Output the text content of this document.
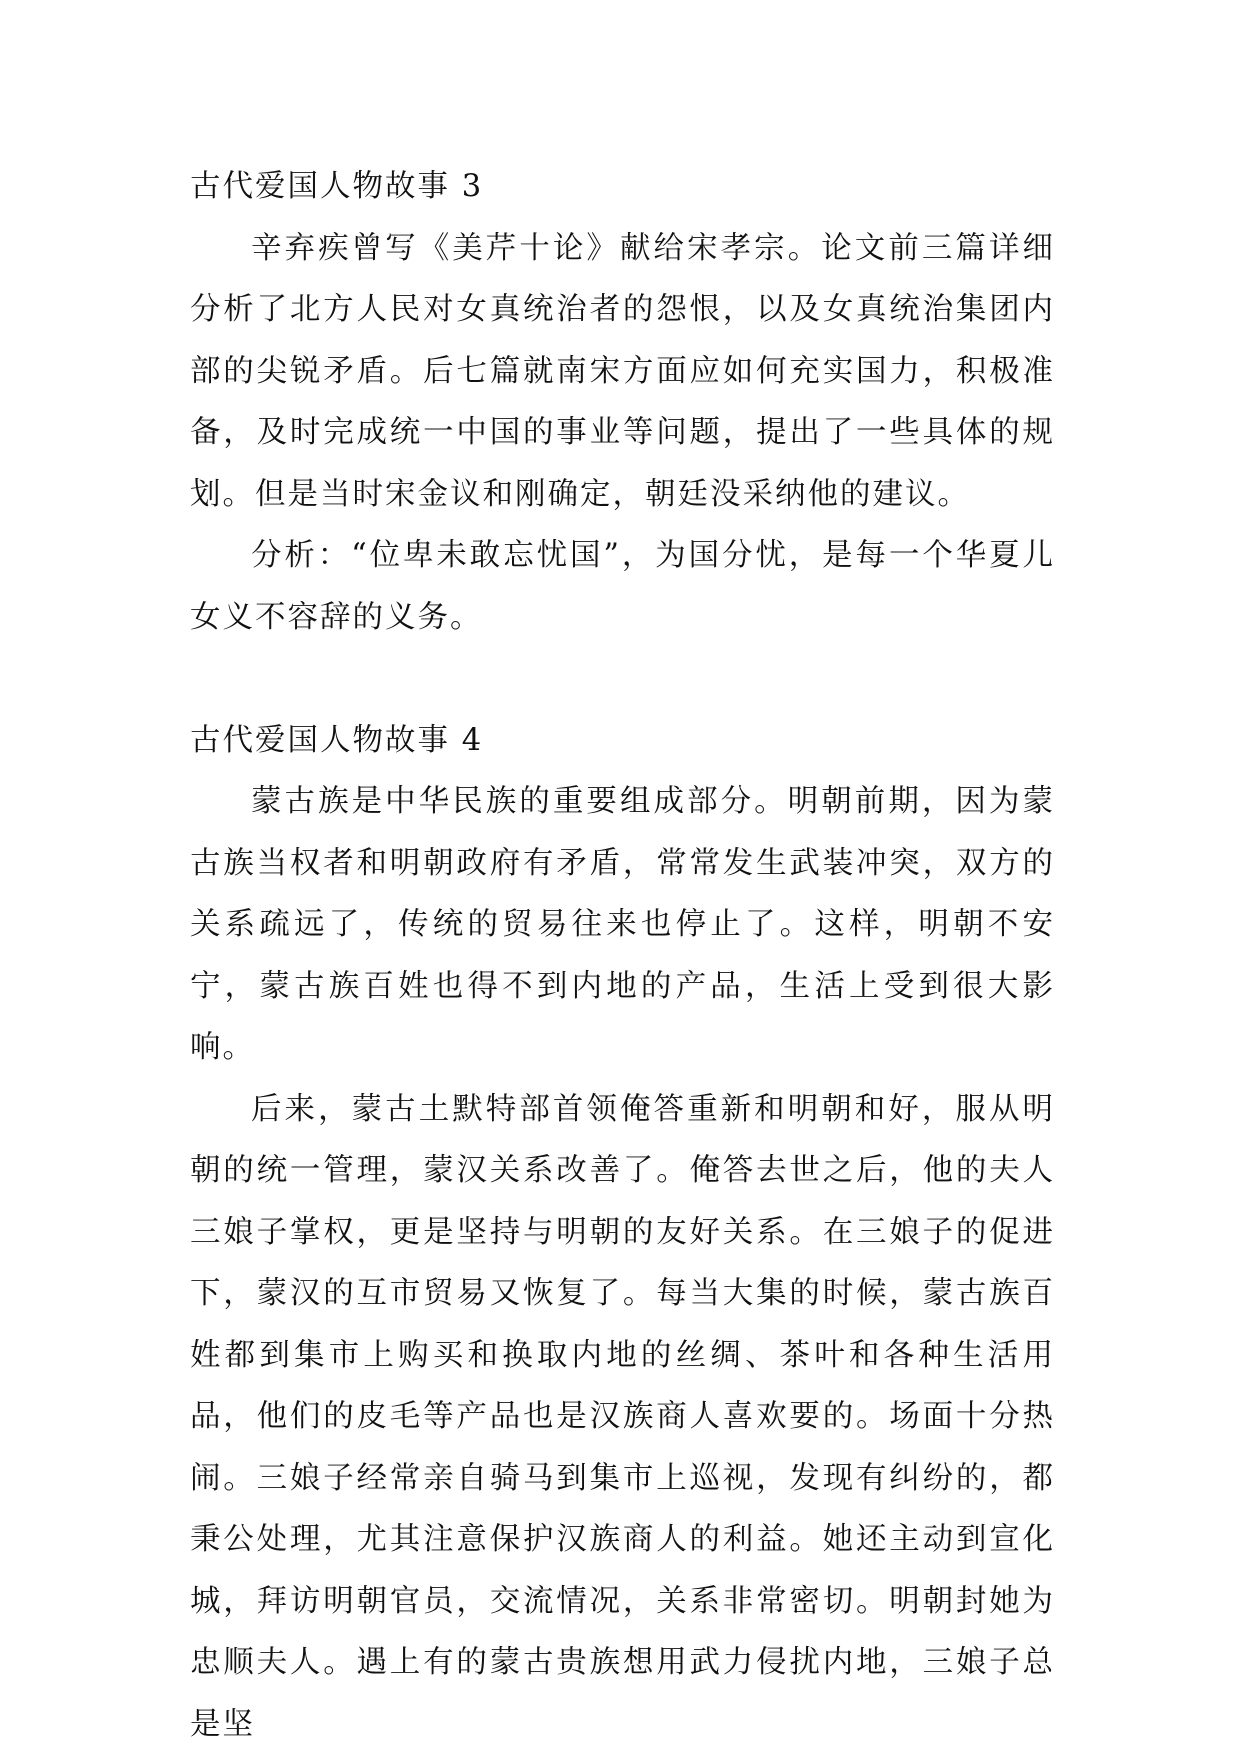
古代爱国人物故事 3

辛弃疾曾写《美芹十论》献给宋孝宗。论文前三篇详细分析了北方人民对女真统治者的怨恨，以及女真统治集团内部的尖锐矛盾。后七篇就南宋方面应如何充实国力，积极准备，及时完成统一中国的事业等问题，提出了一些具体的规划。但是当时宋金议和刚确定，朝廷没采纳他的建议。

分析：“位卑未敢忘忧国”，为国分忧，是每一个华夏儿女义不容辞的义务。

古代爱国人物故事 4

蒙古族是中华民族的重要组成部分。明朝前期，因为蒙古族当权者和明朝政府有矛盾，常常发生武装冲突，双方的关系疏远了，传统的贸易往来也停止了。这样，明朝不安宁，蒙古族百姓也得不到内地的产品，生活上受到很大影响。

后来，蒙古土默特部首领俺答重新和明朝和好，服从明朝的统一管理，蒙汉关系改善了。俺答去世之后，他的夫人三娘子掌权，更是坚持与明朝的友好关系。在三娘子的促进下，蒙汉的互市贸易又恢复了。每当大集的时候，蒙古族百姓都到集市上购买和换取内地的丝绸、茶叶和各种生活用品，他们的皮毛等产品也是汉族商人喜欢要的。场面十分热闹。三娘子经常亲自骑马到集市上巡视，发现有纠纷的，都秉公处理，尤其注意保护汉族商人的利益。她还主动到宣化城，拜访明朝官员，交流情况，关系非常密切。明朝封她为忠顺夫人。遇上有的蒙古贵族想用武力侵扰内地，三娘子总是坚
